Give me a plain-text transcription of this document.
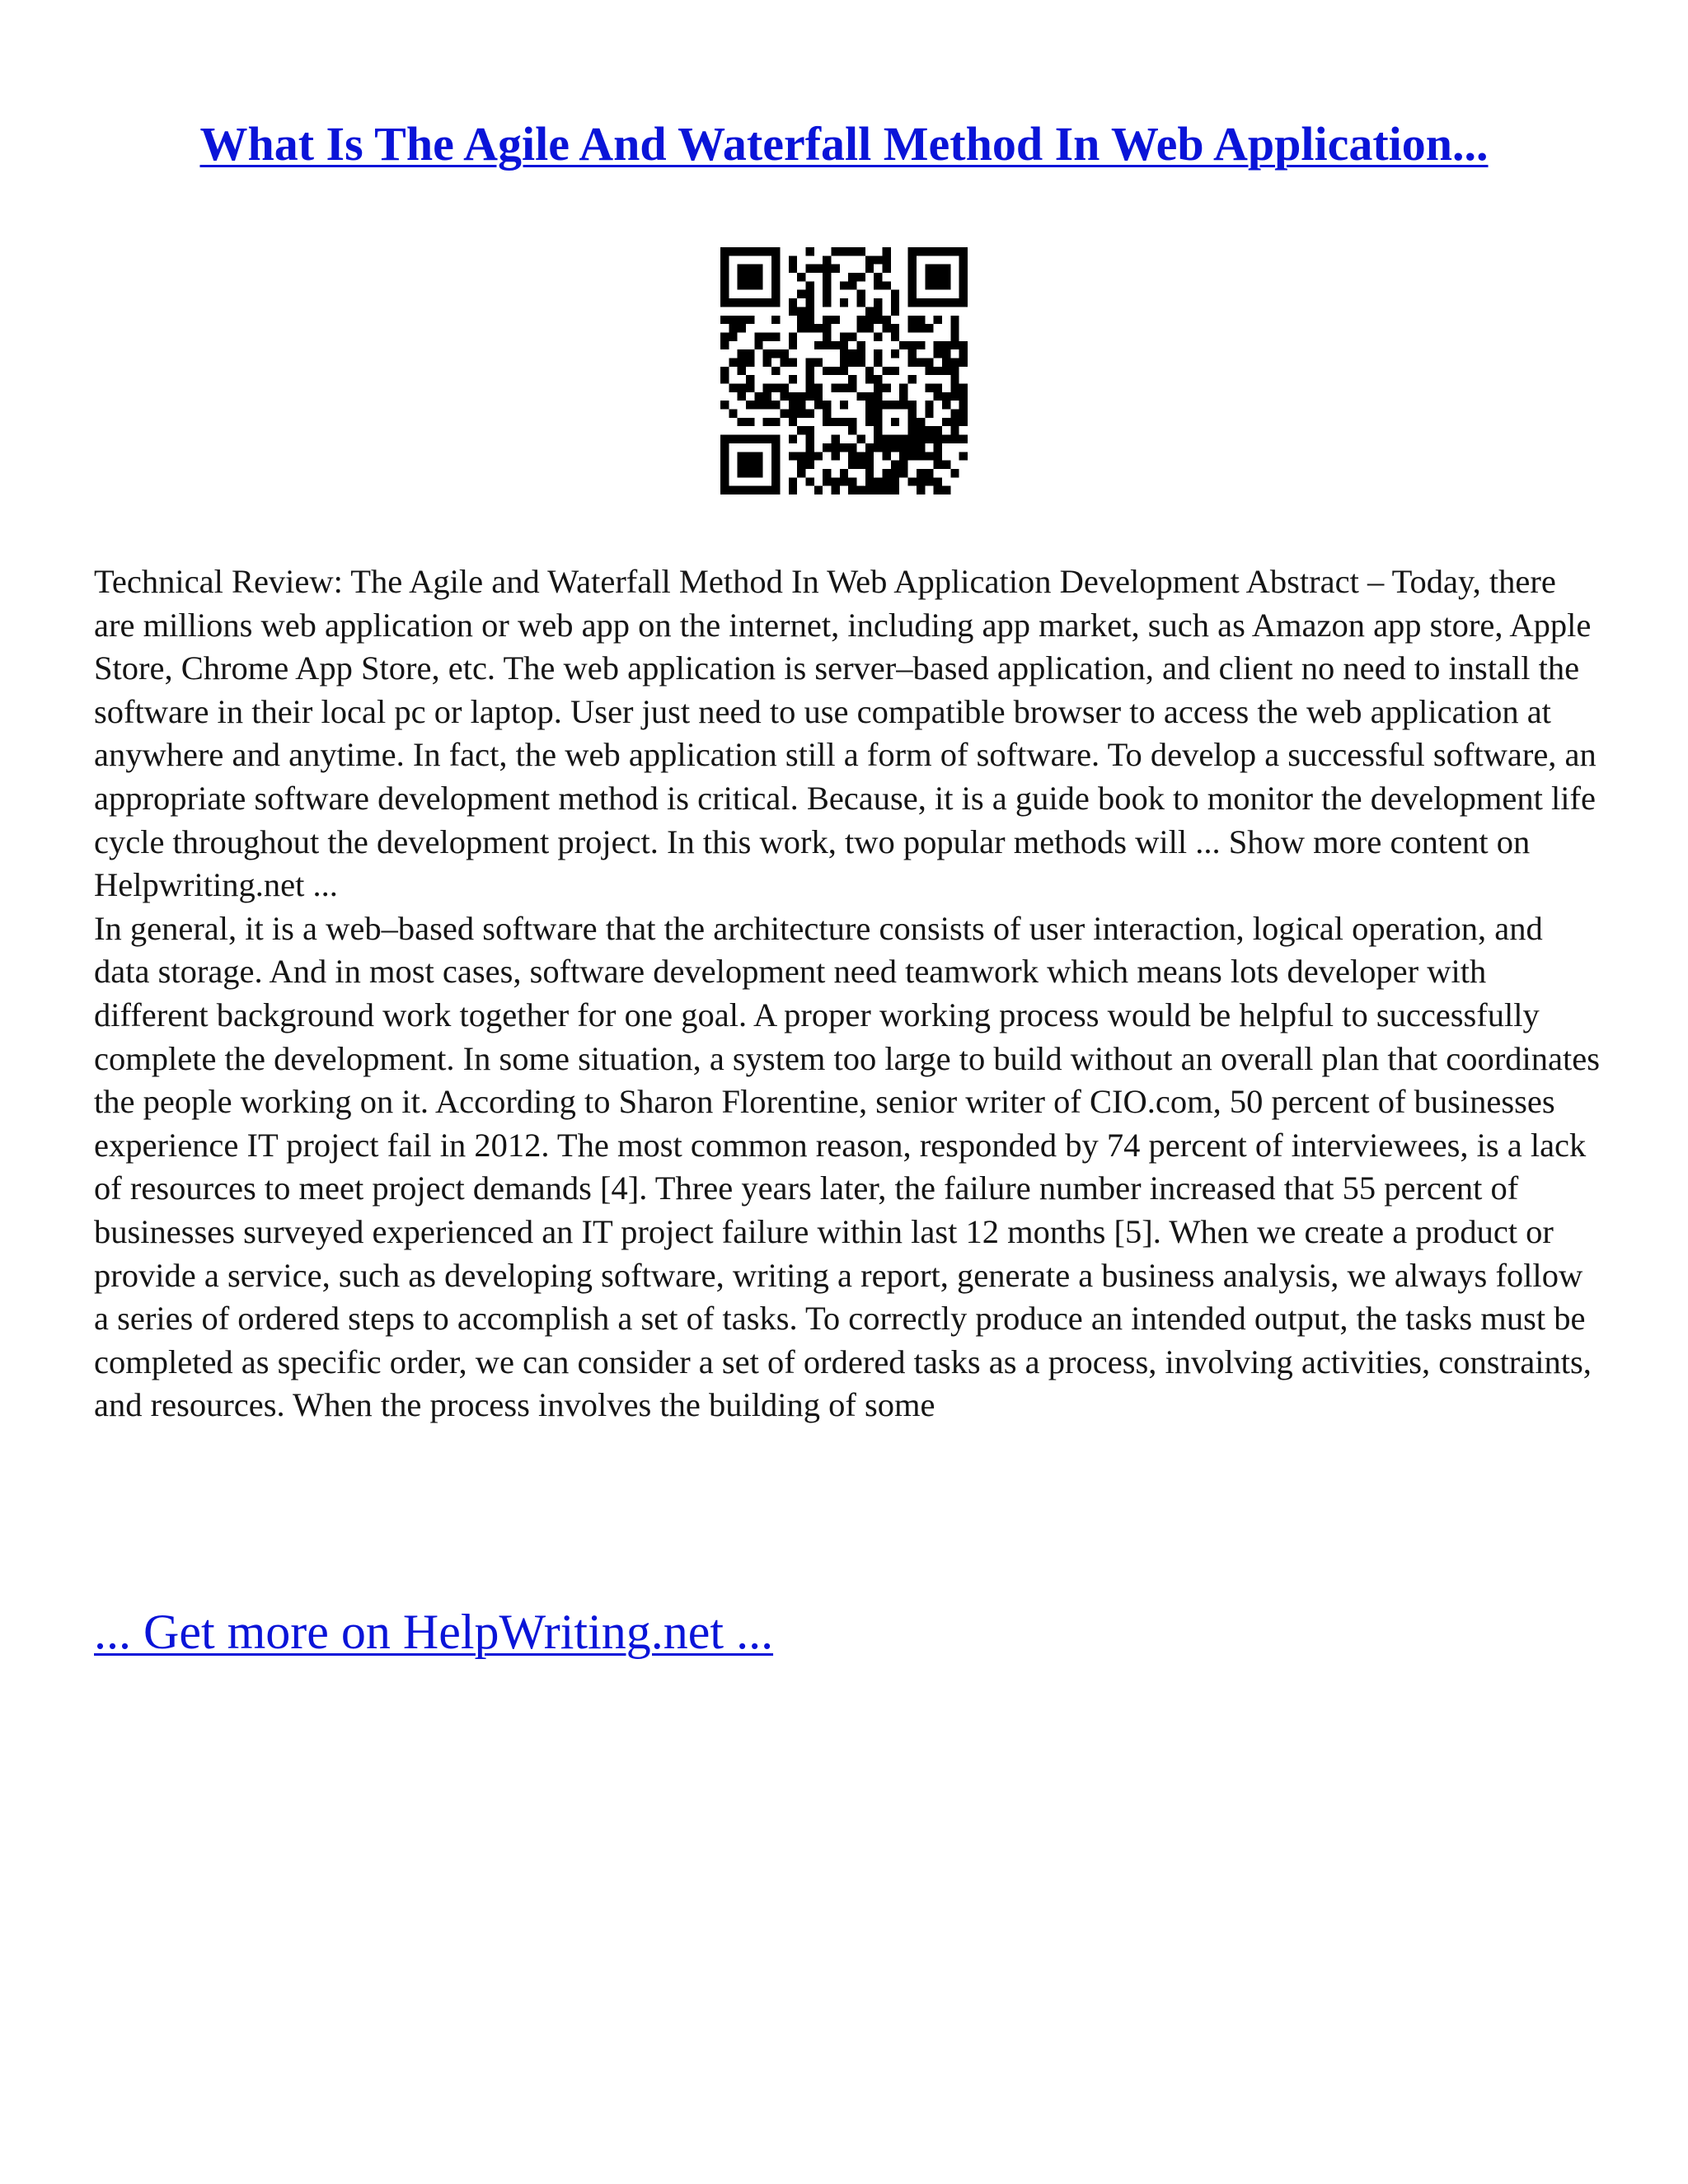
What Is The Agile And Waterfall Method In Web Application...

Technical Review: The Agile and Waterfall Method In Web Application Development Abstract – Today, there are millions web application or web app on the internet, including app market, such as Amazon app store, Apple Store, Chrome App Store, etc. The web application is server–based application, and client no need to install the software in their local pc or laptop. User just need to use compatible browser to access the web application at anywhere and anytime. In fact, the web application still a form of software. To develop a successful software, an appropriate software development method is critical. Because, it is a guide book to monitor the development life cycle throughout the development project. In this work, two popular methods will ... Show more content on Helpwriting.net ...

In general, it is a web–based software that the architecture consists of user interaction, logical operation, and data storage. And in most cases, software development need teamwork which means lots developer with different background work together for one goal. A proper working process would be helpful to successfully complete the development. In some situation, a system too large to build without an overall plan that coordinates the people working on it. According to Sharon Florentine, senior writer of CIO.com, 50 percent of businesses experience IT project fail in 2012. The most common reason, responded by 74 percent of interviewees, is a lack of resources to meet project demands [4]. Three years later, the failure number increased that 55 percent of businesses surveyed experienced an IT project failure within last 12 months [5]. When we create a product or provide a service, such as developing software, writing a report, generate a business analysis, we always follow a series of ordered steps to accomplish a set of tasks. To correctly produce an intended output, the tasks must be completed as specific order, we can consider a set of ordered tasks as a process, involving activities, constraints, and resources. When the process involves the building of some

... Get more on HelpWriting.net ...
